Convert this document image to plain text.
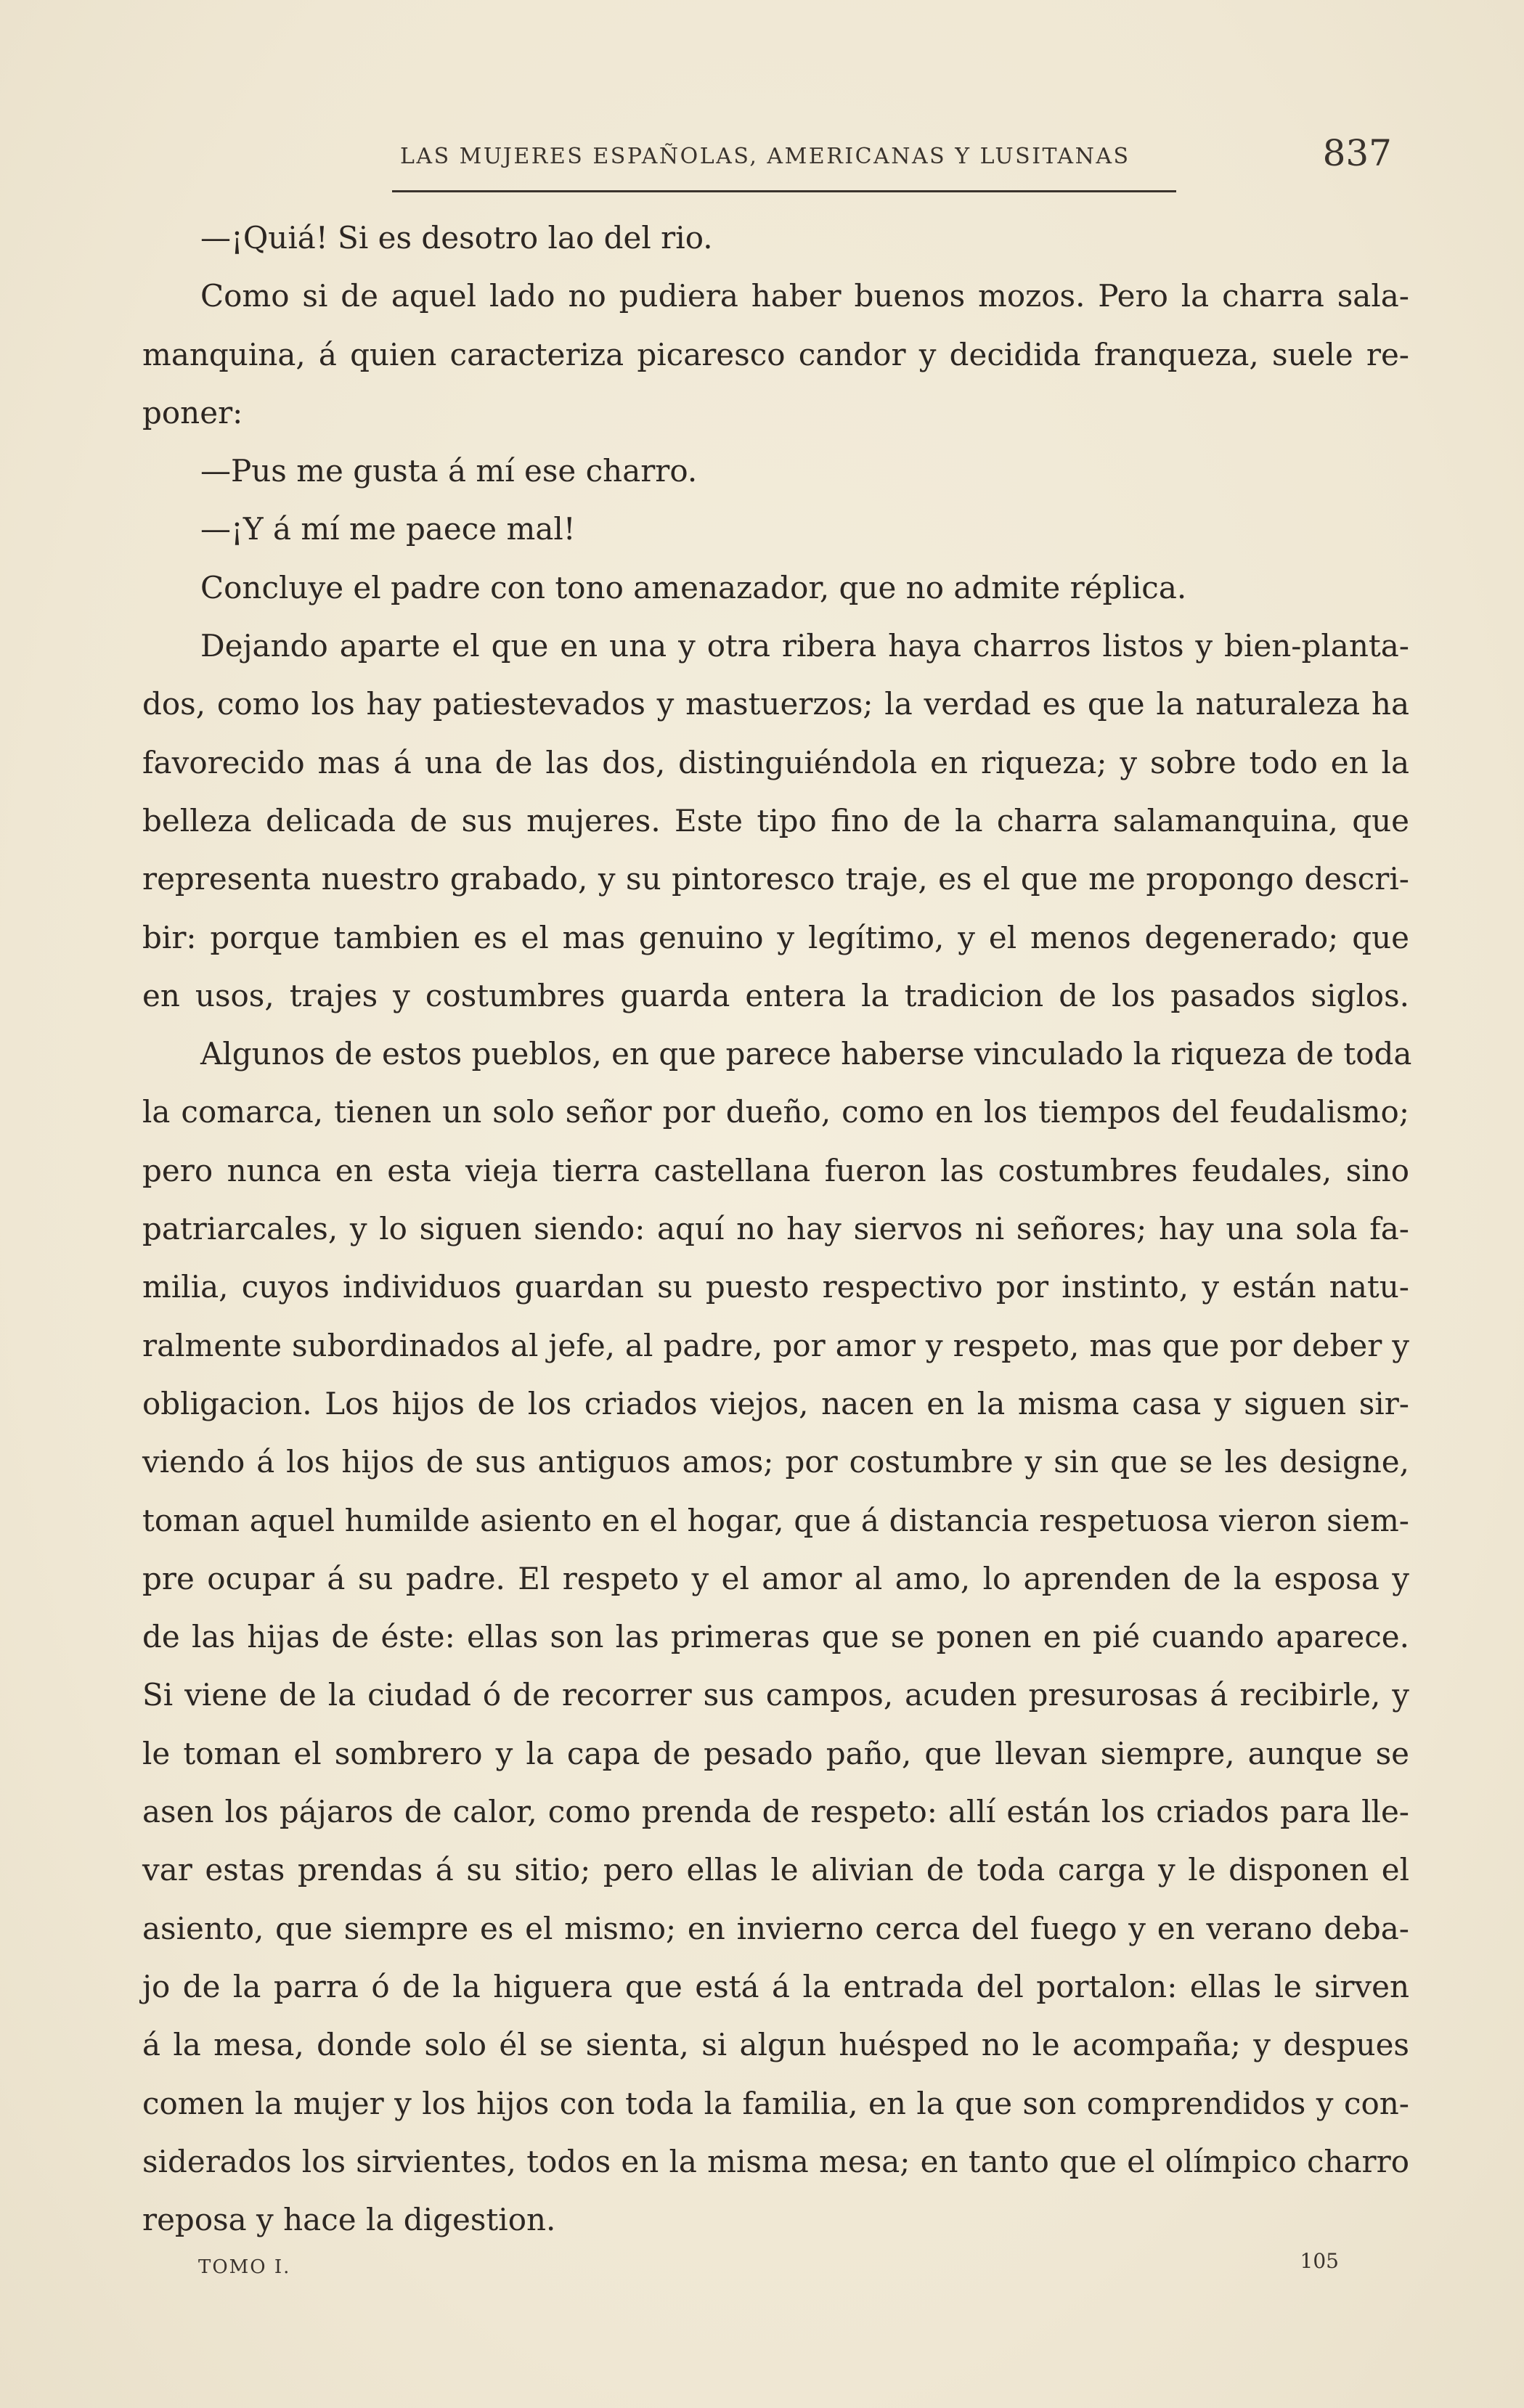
LAS MUJERES ESPAÑOLAS, AMERICANAS Y LUSITANAS	837
—¡Quiá! Si es desotro lao del rio.
Como si de aquel lado no pudiera haber buenos mozos. Pero la charra sala-
manquina, á quien caracteriza picaresco candor y decidida franqueza, suele re-
poner:
—Pus me gusta á mí ese charro.
—¡Y á mí me paece mal!
Concluye el padre con tono amenazador, que no admite réplica.
Dejando aparte el que en una y otra ribera haya charros listos y bien-planta-
dos, como los hay patiestevados y mastuerzos; la verdad es que la naturaleza ha
favorecido mas á una de las dos, distinguiéndola en riqueza; y sobre todo en la
belleza delicada de sus mujeres. Este tipo fino de la charra salamanquina, que
representa nuestro grabado, y su pintoresco traje, es el que me propongo descri-
bir: porque tambien es el mas genuino y legítimo, y el menos degenerado; que
en usos, trajes y costumbres guarda entera la tradicion de los pasados siglos.
Algunos de estos pueblos, en que parece haberse vinculado la riqueza de toda
la comarca, tienen un solo señor por dueño, como en los tiempos del feudalismo;
pero nunca en esta vieja tierra castellana fueron las costumbres feudales, sino
patriarcales, y lo siguen siendo: aquí no hay siervos ni señores; hay una sola fa-
milia, cuyos individuos guardan su puesto respectivo por instinto, y están natu-
ralmente subordinados al jefe, al padre, por amor y respeto, mas que por deber y
obligacion. Los hijos de los criados viejos, nacen en la misma casa y siguen sir-
viendo á los hijos de sus antiguos amos; por costumbre y sin que se les designe,
toman aquel humilde asiento en el hogar, que á distancia respetuosa vieron siem-
pre ocupar á su padre. El respeto y el amor al amo, lo aprenden de la esposa y
de las hijas de éste: ellas son las primeras que se ponen en pié cuando aparece.
Si viene de la ciudad ó de recorrer sus campos, acuden presurosas á recibirle, y
le toman el sombrero y la capa de pesado paño, que llevan siempre, aunque se
asen los pájaros de calor, como prenda de respeto: allí están los criados para lle-
var estas prendas á su sitio; pero ellas le alivian de toda carga y le disponen el
asiento, que siempre es el mismo; en invierno cerca del fuego y en verano deba-
jo de la parra ó de la higuera que está á la entrada del portalon: ellas le sirven
á la mesa, donde solo él se sienta, si algun huésped no le acompaña; y despues
comen la mujer y los hijos con toda la familia, en la que son comprendidos y con-
siderados los sirvientes, todos en la misma mesa; en tanto que el olímpico charro
reposa y hace la digestion.
TOMO I.	105
